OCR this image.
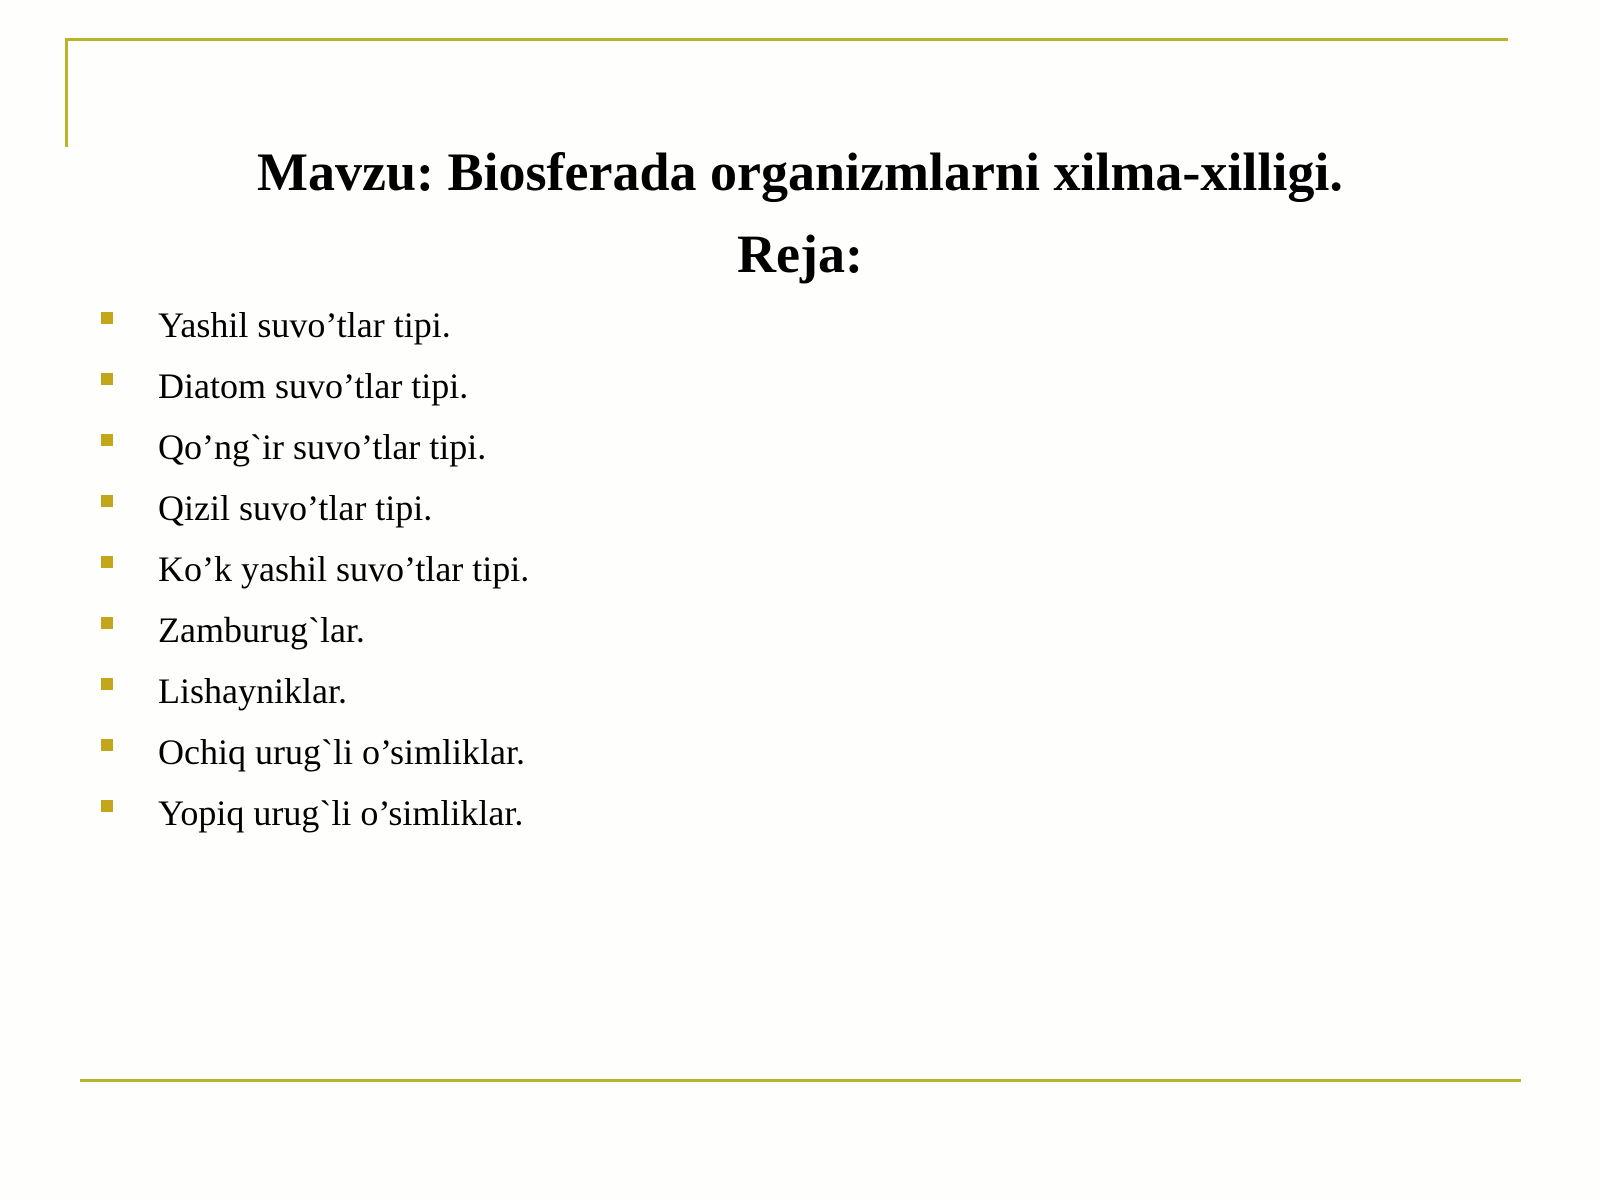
Mavzu: Biosferada organizmlarni xilma-xilligi.
Reja:
Yashil suvo’tlar tipi.
Diatom suvo’tlar tipi.
Qo’ng`ir suvo’tlar tipi.
Qizil suvo’tlar tipi.
Ko’k yashil suvo’tlar tipi.
Zamburug`lar.
Lishayniklar.
Ochiq urug`li o’simliklar.
Yopiq urug`li o’simliklar.
